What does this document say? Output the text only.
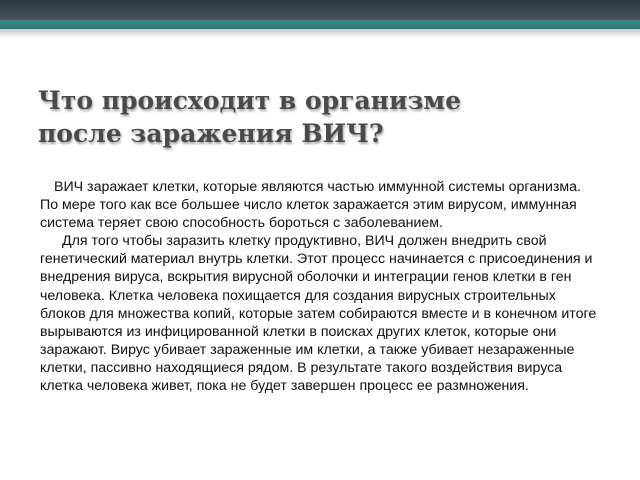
Что происходит в организме
после заражения ВИЧ?

ВИЧ заражает клетки, которые являются частью иммунной системы организма. По мере того как все большее число клеток заражается этим вирусом, иммунная система теряет свою способность бороться с заболеванием.

Для того чтобы заразить клетку продуктивно, ВИЧ должен внедрить свой генетический материал внутрь клетки. Этот процесс начинается с присоединения и внедрения вируса, вскрытия вирусной оболочки и интеграции генов клетки в ген человека. Клетка человека похищается для создания вирусных строительных блоков для множества копий, которые затем собираются вместе и в конечном итоге вырываются из инфицированной клетки в поисках других клеток, которые они заражают. Вирус убивает зараженные им клетки, а также убивает незараженные клетки, пассивно находящиеся рядом. В результате такого воздействия вируса клетка человека живет, пока не будет завершен процесс ее размножения.
